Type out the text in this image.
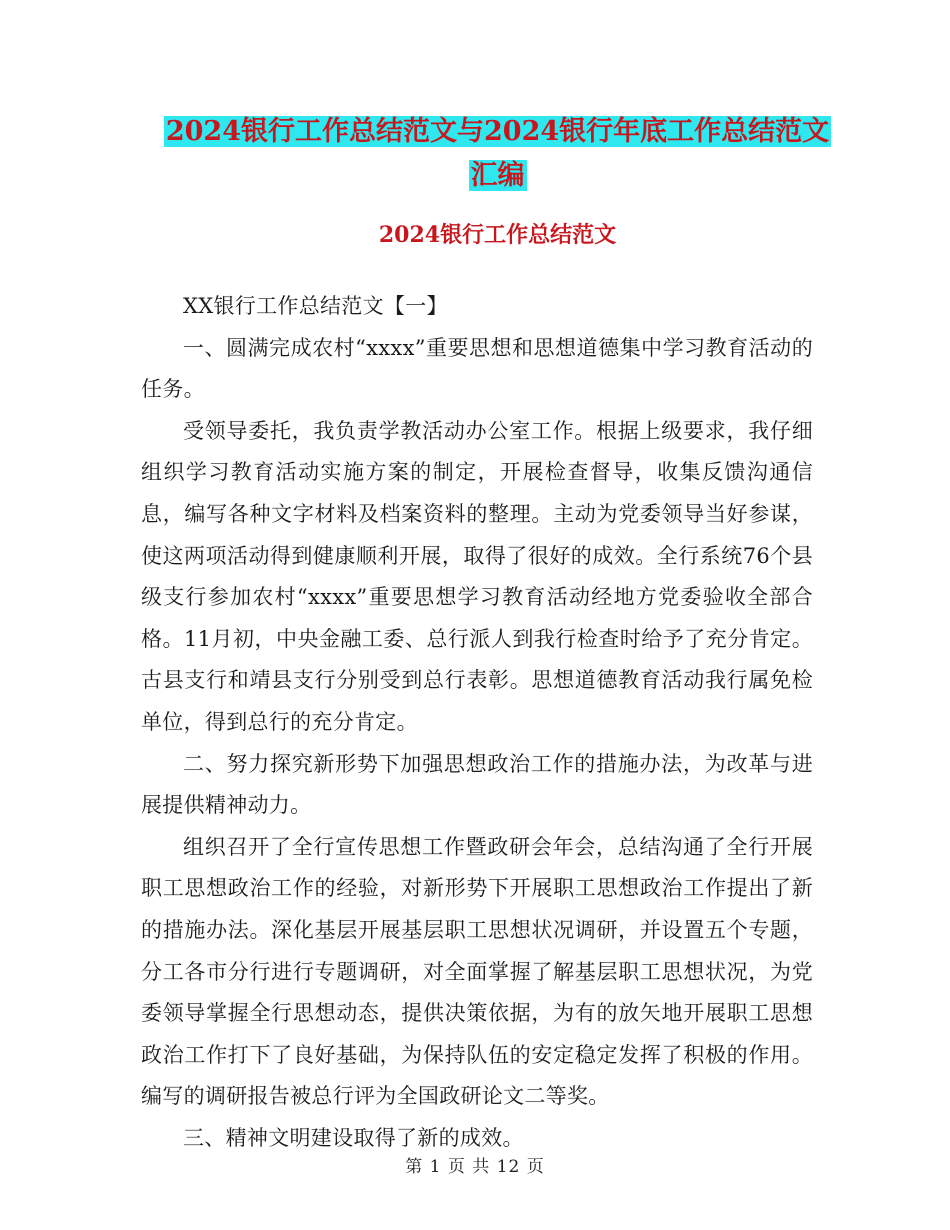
2024银行工作总结范文与2024银行年底工作总结范文
汇编
2024银行工作总结范文

XX银行工作总结范文【一】

一、圆满完成农村“xxxx”重要思想和思想道德集中学习教育活动的任务。

受领导委托，我负责学教活动办公室工作。根据上级要求，我仔细组织学习教育活动实施方案的制定，开展检查督导，收集反馈沟通信息，编写各种文字材料及档案资料的整理。主动为党委领导当好参谋，使这两项活动得到健康顺利开展，取得了很好的成效。全行系统76个县级支行参加农村“xxxx”重要思想学习教育活动经地方党委验收全部合格。11月初，中央金融工委、总行派人到我行检查时给予了充分肯定。古县支行和靖县支行分别受到总行表彰。思想道德教育活动我行属免检单位，得到总行的充分肯定。

二、努力探究新形势下加强思想政治工作的措施办法，为改革与进展提供精神动力。

组织召开了全行宣传思想工作暨政研会年会，总结沟通了全行开展职工思想政治工作的经验，对新形势下开展职工思想政治工作提出了新的措施办法。深化基层开展基层职工思想状况调研，并设置五个专题，分工各市分行进行专题调研，对全面掌握了解基层职工思想状况，为党委领导掌握全行思想动态，提供决策依据，为有的放矢地开展职工思想政治工作打下了良好基础，为保持队伍的安定稳定发挥了积极的作用。编写的调研报告被总行评为全国政研论文二等奖。

三、精神文明建设取得了新的成效。

第 1 页 共 12 页
